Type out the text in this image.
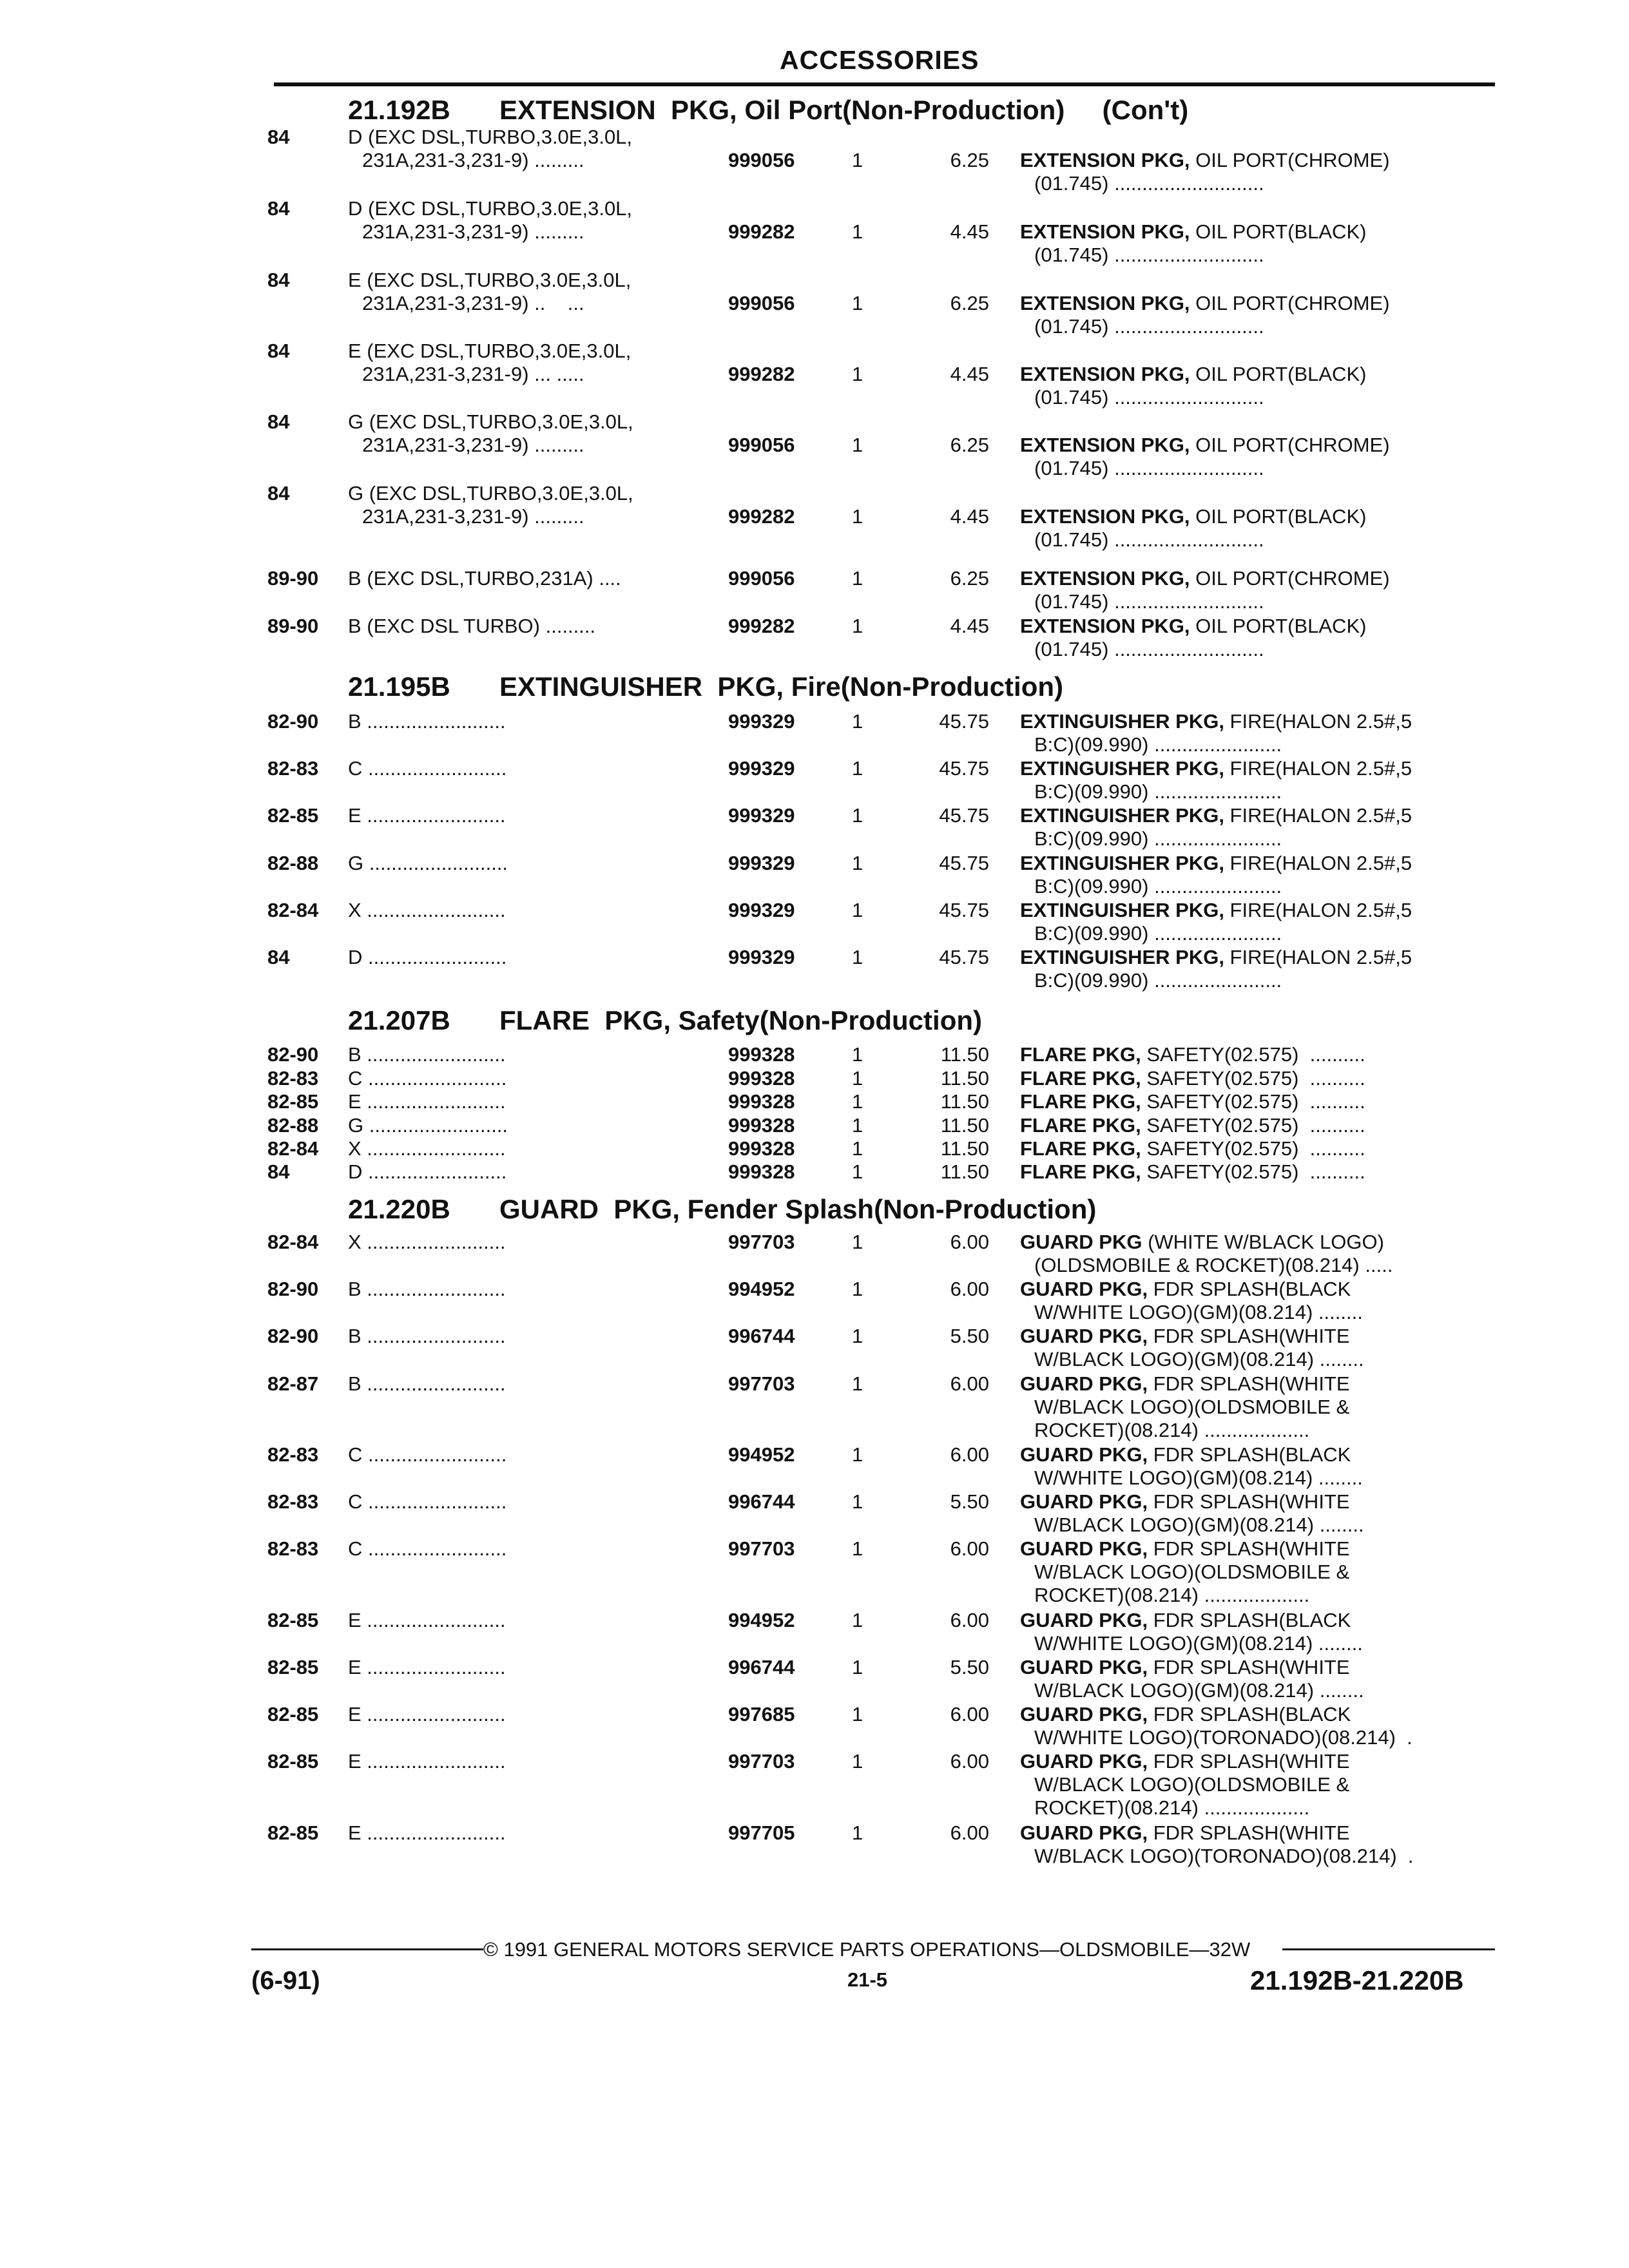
ACCESSORIES
21.192B EXTENSION  PKG, Oil Port(Non-Production)     (Con't)
84	D (EXC DSL,TURBO,3.0E,3.0L,
231A,231-3,231-9) .........	999056	1	6.25 EXTENSION PKG, OIL PORT(CHROME)
(01.745) ...........................
84	D (EXC DSL,TURBO,3.0E,3.0L,
231A,231-3,231-9) .........	999282	1	4.45 EXTENSION PKG, OIL PORT(BLACK)
(01.745) ...........................
84	E (EXC DSL,TURBO,3.0E,3.0L,
231A,231-3,231-9) ..    ...	999056	1	6.25 EXTENSION PKG, OIL PORT(CHROME)
(01.745) ...........................
84	E (EXC DSL,TURBO,3.0E,3.0L,
231A,231-3,231-9) ... .....	999282	1	4.45 EXTENSION PKG, OIL PORT(BLACK)
(01.745) ...........................
84	G (EXC DSL,TURBO,3.0E,3.0L,
231A,231-3,231-9) .........	999056	1	6.25 EXTENSION PKG, OIL PORT(CHROME)
(01.745) ...........................
84	G (EXC DSL,TURBO,3.0E,3.0L,
231A,231-3,231-9) .........	999282	1	4.45 EXTENSION PKG, OIL PORT(BLACK)
(01.745) ...........................
89-90 B (EXC DSL,TURBO,231A) ....	999056	1	6.25 EXTENSION PKG, OIL PORT(CHROME)
(01.745) ...........................
89-90 B (EXC DSL TURBO) .........	999282	1	4.45 EXTENSION PKG, OIL PORT(BLACK)
(01.745) ...........................
21.195B EXTINGUISHER  PKG, Fire(Non-Production)
82-90 B .........................	999329	1	45.75 EXTINGUISHER PKG, FIRE(HALON 2.5#,5
B:C)(09.990) .......................
82-83 C .........................	999329	1	45.75 EXTINGUISHER PKG, FIRE(HALON 2.5#,5
B:C)(09.990) .......................
82-85 E .........................	999329	1	45.75 EXTINGUISHER PKG, FIRE(HALON 2.5#,5
B:C)(09.990) .......................
82-88 G .........................	999329	1	45.75 EXTINGUISHER PKG, FIRE(HALON 2.5#,5
B:C)(09.990) .......................
82-84 X .........................	999329	1	45.75 EXTINGUISHER PKG, FIRE(HALON 2.5#,5
B:C)(09.990) .......................
84	D .........................	999329	1	45.75 EXTINGUISHER PKG, FIRE(HALON 2.5#,5
B:C)(09.990) .......................
21.207B FLARE  PKG, Safety(Non-Production)
82-90 B .........................	999328	1	11.50 FLARE PKG, SAFETY(02.575)  ..........
82-83 C .........................	999328	1	11.50 FLARE PKG, SAFETY(02.575)  ..........
82-85 E .........................	999328	1	11.50 FLARE PKG, SAFETY(02.575)  ..........
82-88 G .........................	999328	1	11.50 FLARE PKG, SAFETY(02.575)  ..........
82-84 X .........................	999328	1	11.50 FLARE PKG, SAFETY(02.575)  ..........
84	D .........................	999328	1	11.50 FLARE PKG, SAFETY(02.575)  ..........
21.220B GUARD  PKG, Fender Splash(Non-Production)
82-84 X .........................	997703	1	6.00 GUARD PKG (WHITE W/BLACK LOGO)
(OLDSMOBILE & ROCKET)(08.214) .....
82-90 B .........................	994952	1	6.00 GUARD PKG, FDR SPLASH(BLACK
W/WHITE LOGO)(GM)(08.214) ........
82-90 B .........................	996744	1	5.50 GUARD PKG, FDR SPLASH(WHITE
W/BLACK LOGO)(GM)(08.214) ........
82-87 B .........................	997703	1	6.00 GUARD PKG, FDR SPLASH(WHITE
W/BLACK LOGO)(OLDSMOBILE &
ROCKET)(08.214) ...................
82-83 C .........................	994952	1	6.00 GUARD PKG, FDR SPLASH(BLACK
W/WHITE LOGO)(GM)(08.214) ........
82-83 C .........................	996744	1	5.50 GUARD PKG, FDR SPLASH(WHITE
W/BLACK LOGO)(GM)(08.214) ........
82-83 C .........................	997703	1	6.00 GUARD PKG, FDR SPLASH(WHITE
W/BLACK LOGO)(OLDSMOBILE &
ROCKET)(08.214) ...................
82-85 E .........................	994952	1	6.00 GUARD PKG, FDR SPLASH(BLACK
W/WHITE LOGO)(GM)(08.214) ........
82-85 E .........................	996744	1	5.50 GUARD PKG, FDR SPLASH(WHITE
W/BLACK LOGO)(GM)(08.214) ........
82-85 E .........................	997685	1	6.00 GUARD PKG, FDR SPLASH(BLACK
W/WHITE LOGO)(TORONADO)(08.214)  .
82-85 E .........................	997703	1	6.00 GUARD PKG, FDR SPLASH(WHITE
W/BLACK LOGO)(OLDSMOBILE &
ROCKET)(08.214) ...................
82-85 E .........................	997705	1	6.00 GUARD PKG, FDR SPLASH(WHITE
W/BLACK LOGO)(TORONADO)(08.214)  .
© 1991 GENERAL MOTORS SERVICE PARTS OPERATIONS—OLDSMOBILE—32W
(6-91)	21-5	21.192B-21.220B
